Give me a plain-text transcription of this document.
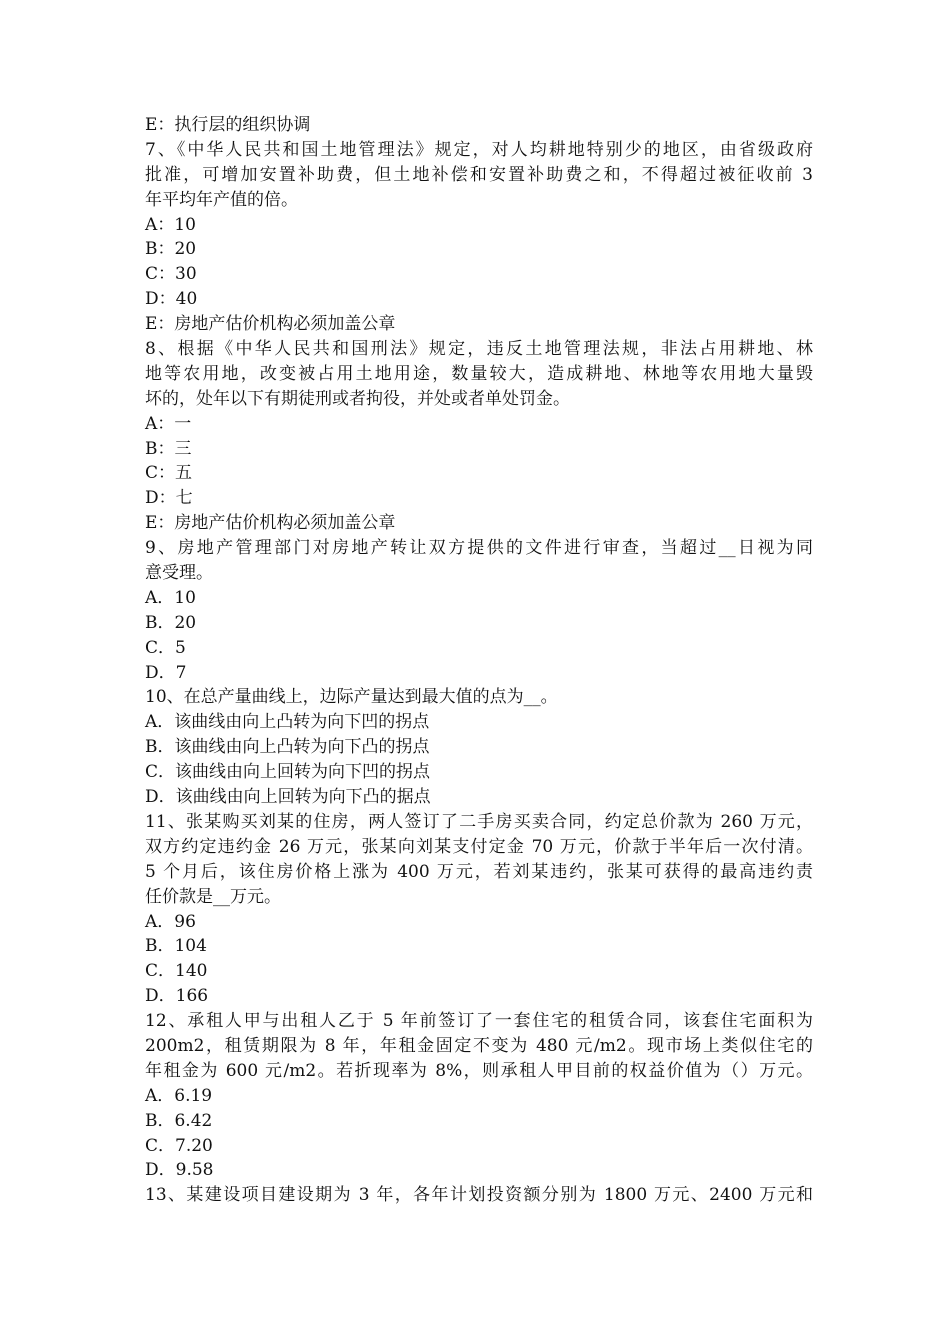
E：执行层的组织协调
7、《中华人民共和国土地管理法》规定，对人均耕地特别少的地区，由省级政府
批准，可增加安置补助费，但土地补偿和安置补助费之和，不得超过被征收前 3
年平均年产值的倍。
A：10
B：20
C：30
D：40
E：房地产估价机构必须加盖公章
8、根据《中华人民共和国刑法》规定，违反土地管理法规，非法占用耕地、林
地等农用地，改变被占用土地用途，数量较大，造成耕地、林地等农用地大量毁
坏的，处年以下有期徒刑或者拘役，并处或者单处罚金。
A：一
B：三
C：五
D：七
E：房地产估价机构必须加盖公章
9、房地产管理部门对房地产转让双方提供的文件进行审查，当超过__日视为同
意受理。
A．10
B．20
C．5
D．7
10、在总产量曲线上，边际产量达到最大值的点为__。
A．该曲线由向上凸转为向下凹的拐点
B．该曲线由向上凸转为向下凸的拐点
C．该曲线由向上回转为向下凹的拐点
D．该曲线由向上回转为向下凸的据点
11、张某购买刘某的住房，两人签订了二手房买卖合同，约定总价款为 260 万元，
双方约定违约金 26 万元，张某向刘某支付定金 70 万元，价款于半年后一次付清。
5 个月后，该住房价格上涨为 400 万元，若刘某违约，张某可获得的最高违约责
任价款是__万元。
A．96
B．104
C．140
D．166
12、承租人甲与出租人乙于 5 年前签订了一套住宅的租赁合同，该套住宅面积为
200m2，租赁期限为 8 年，年租金固定不变为 480 元/m2。现市场上类似住宅的
年租金为 600 元/m2。若折现率为 8%，则承租人甲目前的权益价值为（）万元。
A．6.19
B．6.42
C．7.20
D．9.58
13、某建设项目建设期为 3 年，各年计划投资额分别为 1800 万元、2400 万元和
